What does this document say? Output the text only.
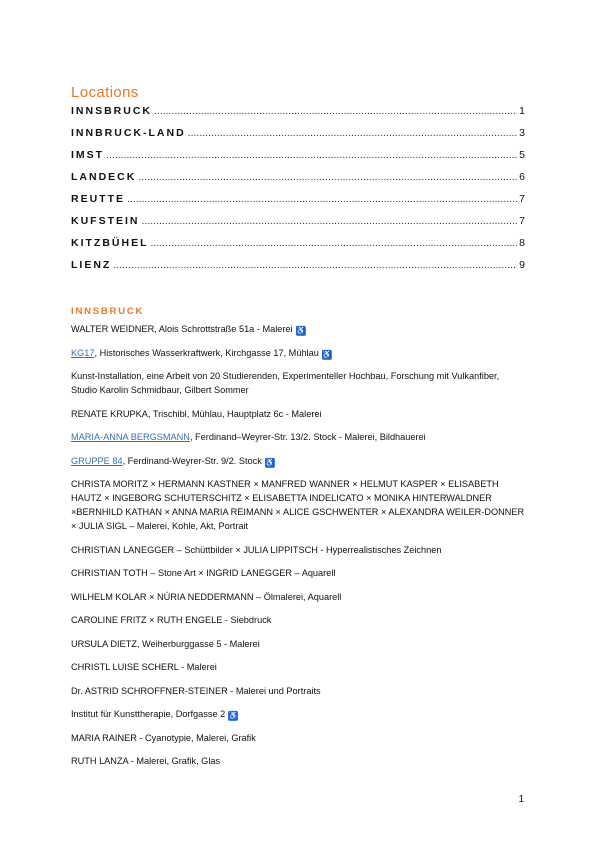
Locations
INNSBRUCK .....	1
INNBRUCK-LAND .....	3
IMST .....	5
LANDECK .....	6
REUTTE .....	7
KUFSTEIN .....	7
KITZBÜHEL .....	8
LIENZ .....	9
INNSBRUCK
WALTER WEIDNER, Alois Schrottstraße 51a - Malerei ♿
KG17, Historisches Wasserkraftwerk, Kirchgasse 17, Mühlau ♿
Kunst-Installation, eine Arbeit von 20 Studierenden, Experimenteller Hochbau, Forschung mit Vulkanfiber, Studio Karolin Schmidbaur, Gilbert Sommer
RENATE KRUPKA, Trischibl, Mühlau, Hauptplatz 6c - Malerei
MARIA-ANNA BERGSMANN, Ferdinand–Weyrer-Str. 13/2. Stock - Malerei, Bildhauerei
GRUPPE 84, Ferdinand-Weyrer-Str. 9/2. Stock ♿
CHRISTA MORITZ × HERMANN KASTNER × MANFRED WANNER × HELMUT KASPER × ELISABETH HAUTZ × INGEBORG SCHUTERSCHITZ × ELISABETTA INDELICATO × MONIKA HINTERWALDNER ×BERNHILD KATHAN × ANNA MARIA REIMANN × ALICE GSCHWENTER × ALEXANDRA WEILER-DONNER × JULIA SIGL – Malerei, Kohle, Akt, Portrait
CHRISTIAN LANEGGER – Schüttbilder × JULIA LIPPITSCH - Hyperrealistisches Zeichnen
CHRISTIAN TOTH – Stone Art × INGRID LANEGGER – Aquarell
WILHELM KOLAR × NÚRIA NEDDERMANN – Ölmalerei, Aquarell
CAROLINE FRITZ × RUTH ENGELE - Siebdruck
URSULA DIETZ, Weiherburggasse 5 - Malerei
CHRISTL LUISE SCHERL - Malerei
Dr. ASTRID SCHROFFNER-STEINER - Malerei und Portraits
Institut für Kunsttherapie, Dorfgasse 2 ♿
MARIA RAINER - Cyanotypie, Malerei, Grafik
RUTH LANZA - Malerei, Grafik, Glas
1
